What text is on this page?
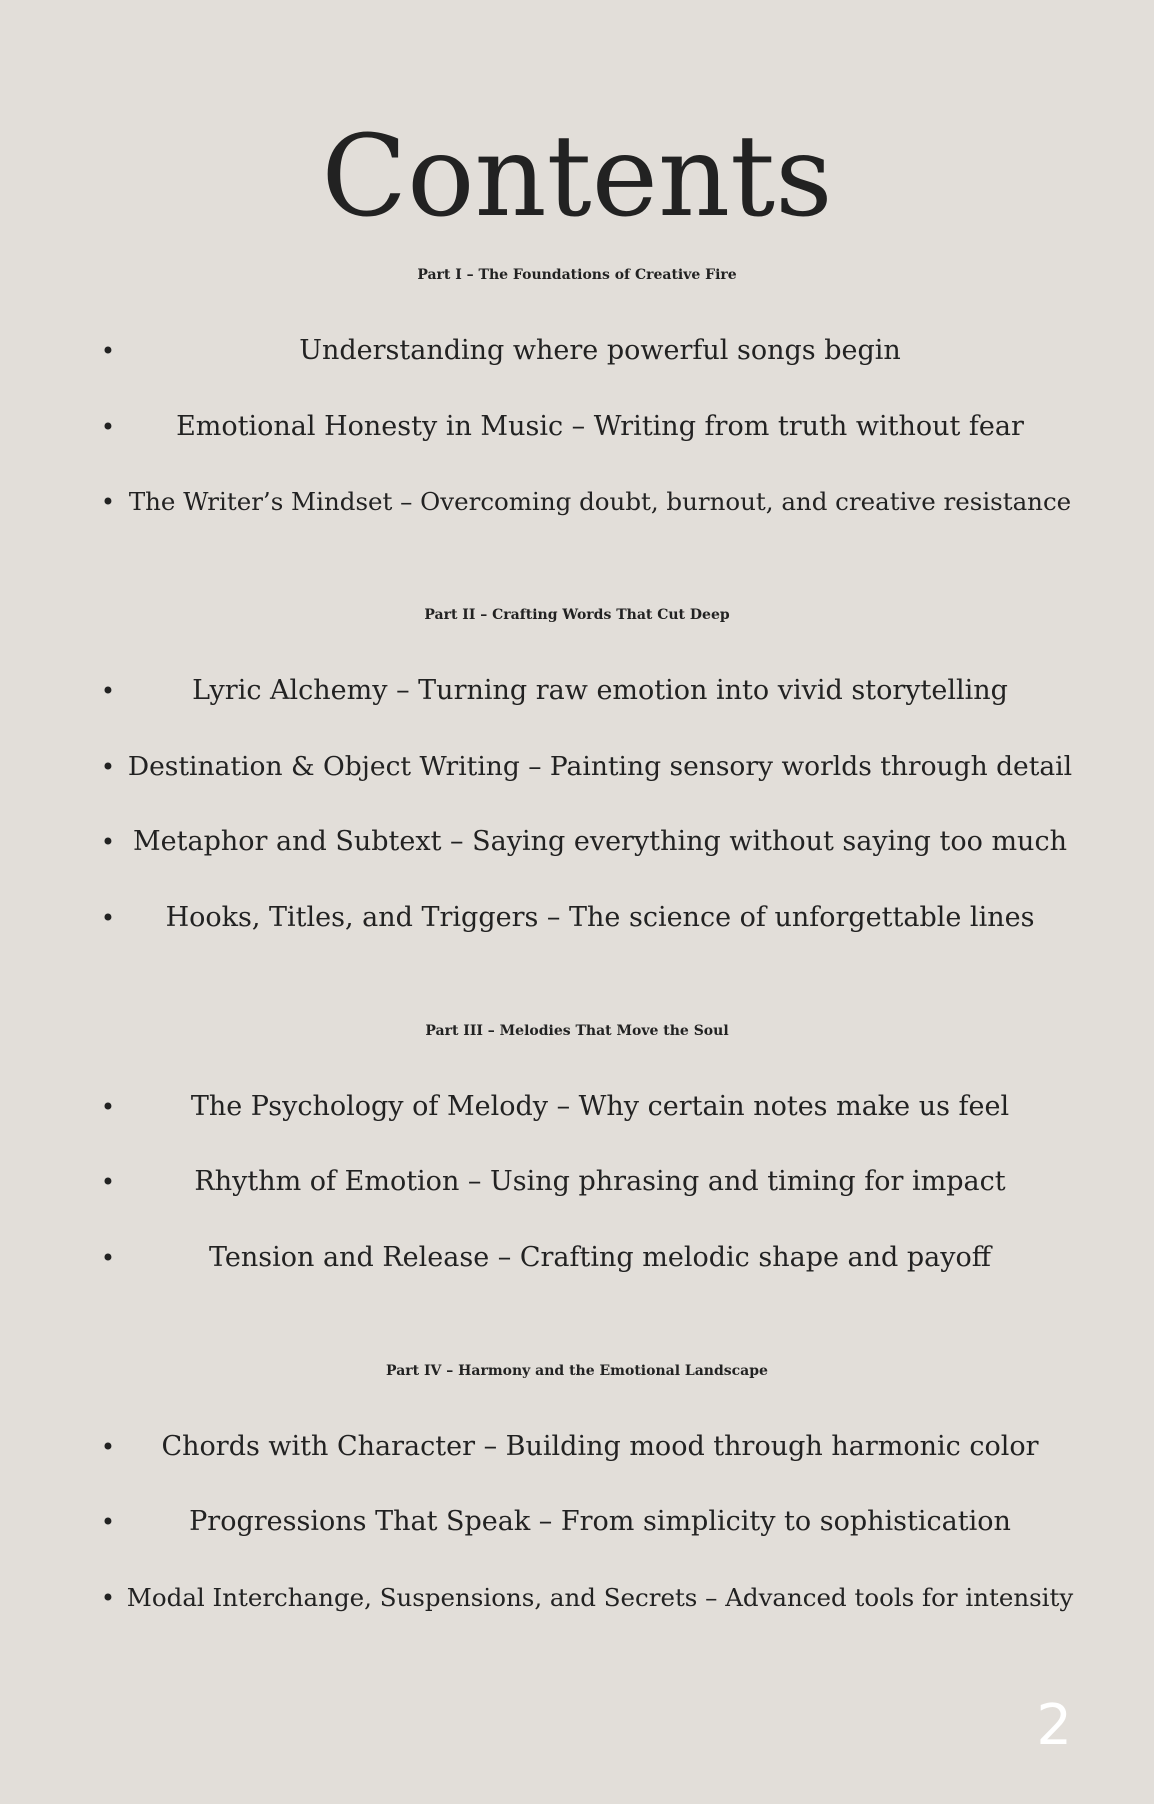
Contents
Part I – The Foundations of Creative Fire
•	Understanding where powerful songs begin
•	Emotional Honesty in Music – Writing from truth without fear
• The Writer’s Mindset – Overcoming doubt, burnout, and creative resistance
Part II – Crafting Words That Cut Deep
•	Lyric Alchemy – Turning raw emotion into vivid storytelling
• Destination & Object Writing – Painting sensory worlds through detail
• Metaphor and Subtext – Saying everything without saying too much
•	Hooks, Titles, and Triggers – The science of unforgettable lines
Part III – Melodies That Move the Soul
•	The Psychology of Melody – Why certain notes make us feel
•	Rhythm of Emotion – Using phrasing and timing for impact
•	Tension and Release – Crafting melodic shape and payoff
Part IV – Harmony and the Emotional Landscape
•	Chords with Character – Building mood through harmonic color
•	Progressions That Speak – From simplicity to sophistication
• Modal Interchange, Suspensions, and Secrets – Advanced tools for intensity
2
